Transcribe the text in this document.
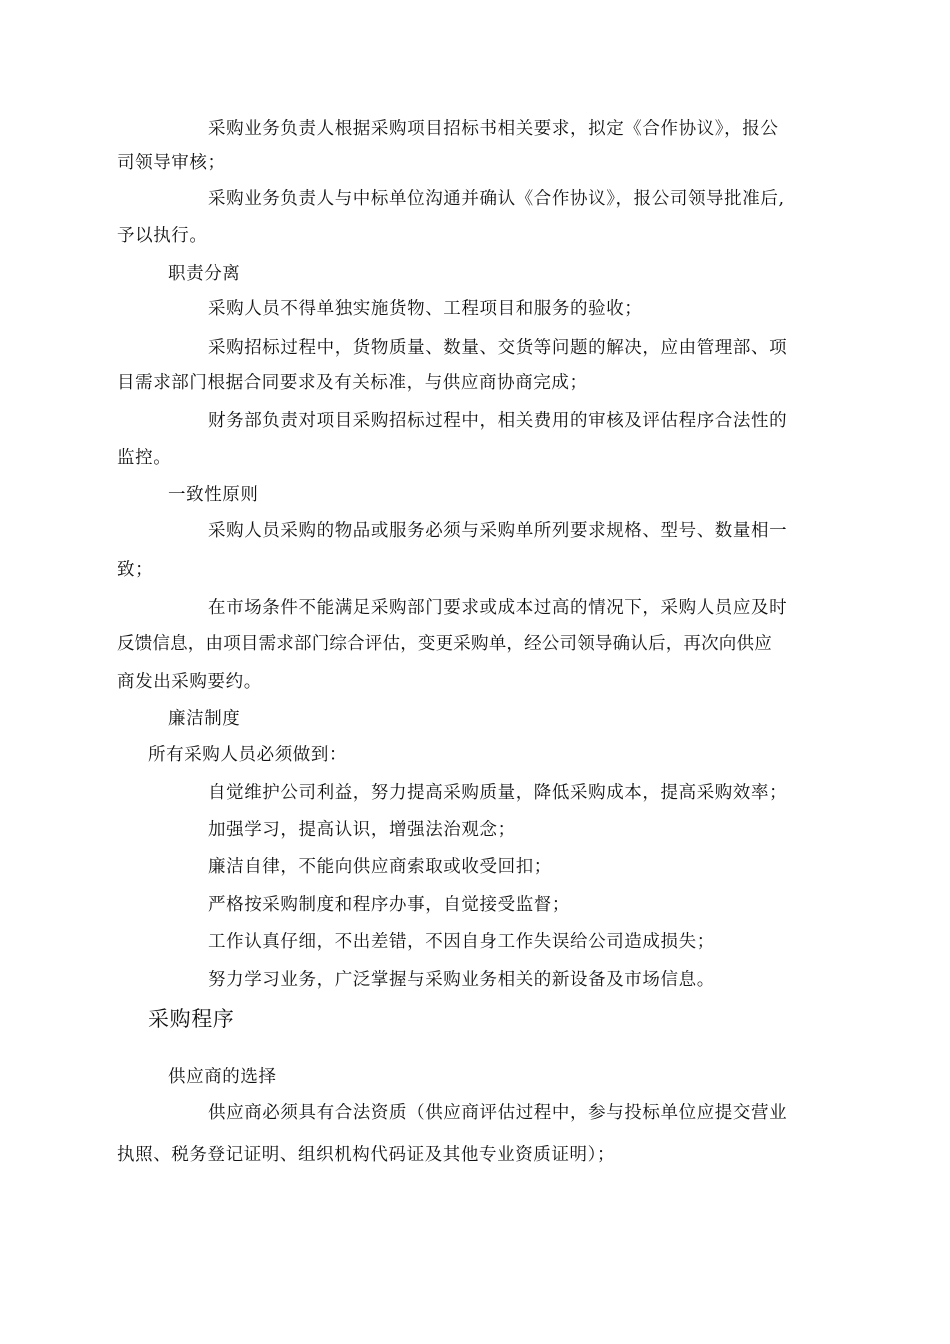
采购业务负责人根据采购项目招标书相关要求，拟定《合作协议》，报公
司领导审核；
采购业务负责人与中标单位沟通并确认《合作协议》，报公司领导批准后,
予以执行。
职责分离
采购人员不得单独实施货物、工程项目和服务的验收；
采购招标过程中，货物质量、数量、交货等问题的解决，应由管理部、项
目需求部门根据合同要求及有关标准，与供应商协商完成；
财务部负责对项目采购招标过程中，相关费用的审核及评估程序合法性的
监控。
一致性原则
采购人员采购的物品或服务必须与采购单所列要求规格、型号、数量相一
致；
在市场条件不能满足采购部门要求或成本过高的情况下，采购人员应及时
反馈信息，由项目需求部门综合评估，变更采购单，经公司领导确认后，再次向供应
商发出采购要约。
廉洁制度
所有采购人员必须做到：
自觉维护公司利益，努力提高采购质量，降低采购成本，提高采购效率；
加强学习，提高认识，增强法治观念；
廉洁自律，不能向供应商索取或收受回扣；
严格按采购制度和程序办事，自觉接受监督；
工作认真仔细，不出差错，不因自身工作失误给公司造成损失；
努力学习业务，广泛掌握与采购业务相关的新设备及市场信息。
采购程序
供应商的选择
供应商必须具有合法资质（供应商评估过程中，参与投标单位应提交营业
执照、税务登记证明、组织机构代码证及其他专业资质证明）；
